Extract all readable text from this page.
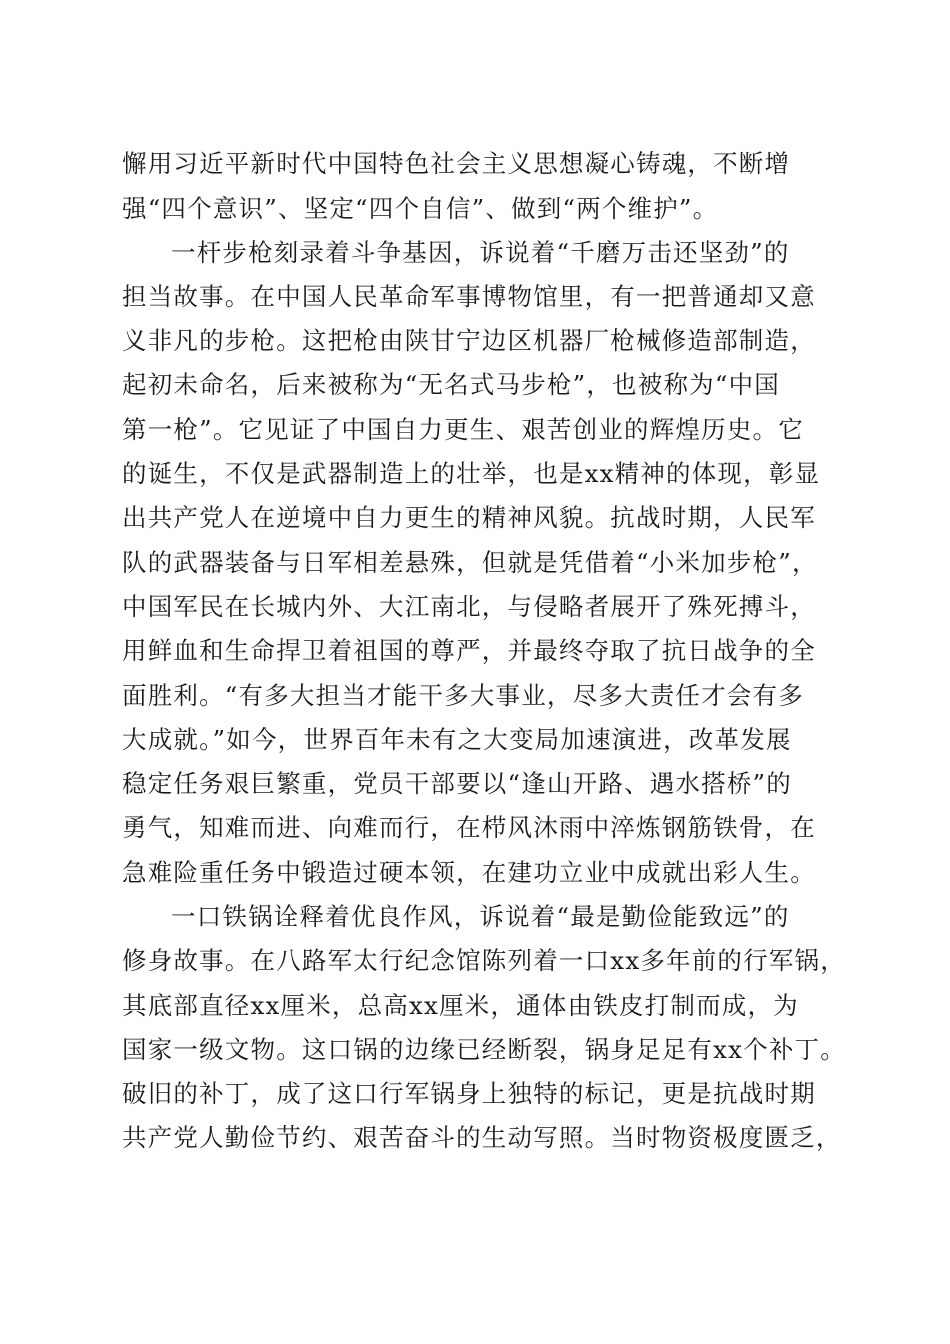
懈用习近平新时代中国特色社会主义思想凝心铸魂，不断增
强“四个意识”、坚定“四个自信”、做到“两个维护”。
一杆步枪刻录着斗争基因，诉说着“千磨万击还坚劲”的
担当故事。在中国人民革命军事博物馆里，有一把普通却又意
义非凡的步枪。这把枪由陕甘宁边区机器厂枪械修造部制造，
起初未命名，后来被称为“无名式马步枪”，也被称为“中国
第一枪”。它见证了中国自力更生、艰苦创业的辉煌历史。它
的诞生，不仅是武器制造上的壮举，也是xx精神的体现，彰显
出共产党人在逆境中自力更生的精神风貌。抗战时期，人民军
队的武器装备与日军相差悬殊，但就是凭借着“小米加步枪”，
中国军民在长城内外、大江南北，与侵略者展开了殊死搏斗，
用鲜血和生命捍卫着祖国的尊严，并最终夺取了抗日战争的全
面胜利。“有多大担当才能干多大事业，尽多大责任才会有多
大成就。”如今，世界百年未有之大变局加速演进，改革发展
稳定任务艰巨繁重，党员干部要以“逢山开路、遇水搭桥”的
勇气，知难而进、向难而行，在栉风沐雨中淬炼钢筋铁骨，在
急难险重任务中锻造过硬本领，在建功立业中成就出彩人生。
一口铁锅诠释着优良作风，诉说着“最是勤俭能致远”的
修身故事。在八路军太行纪念馆陈列着一口xx多年前的行军锅，
其底部直径xx厘米，总高xx厘米，通体由铁皮打制而成，为
国家一级文物。这口锅的边缘已经断裂，锅身足足有xx个补丁。
破旧的补丁，成了这口行军锅身上独特的标记，更是抗战时期
共产党人勤俭节约、艰苦奋斗的生动写照。当时物资极度匮乏，
